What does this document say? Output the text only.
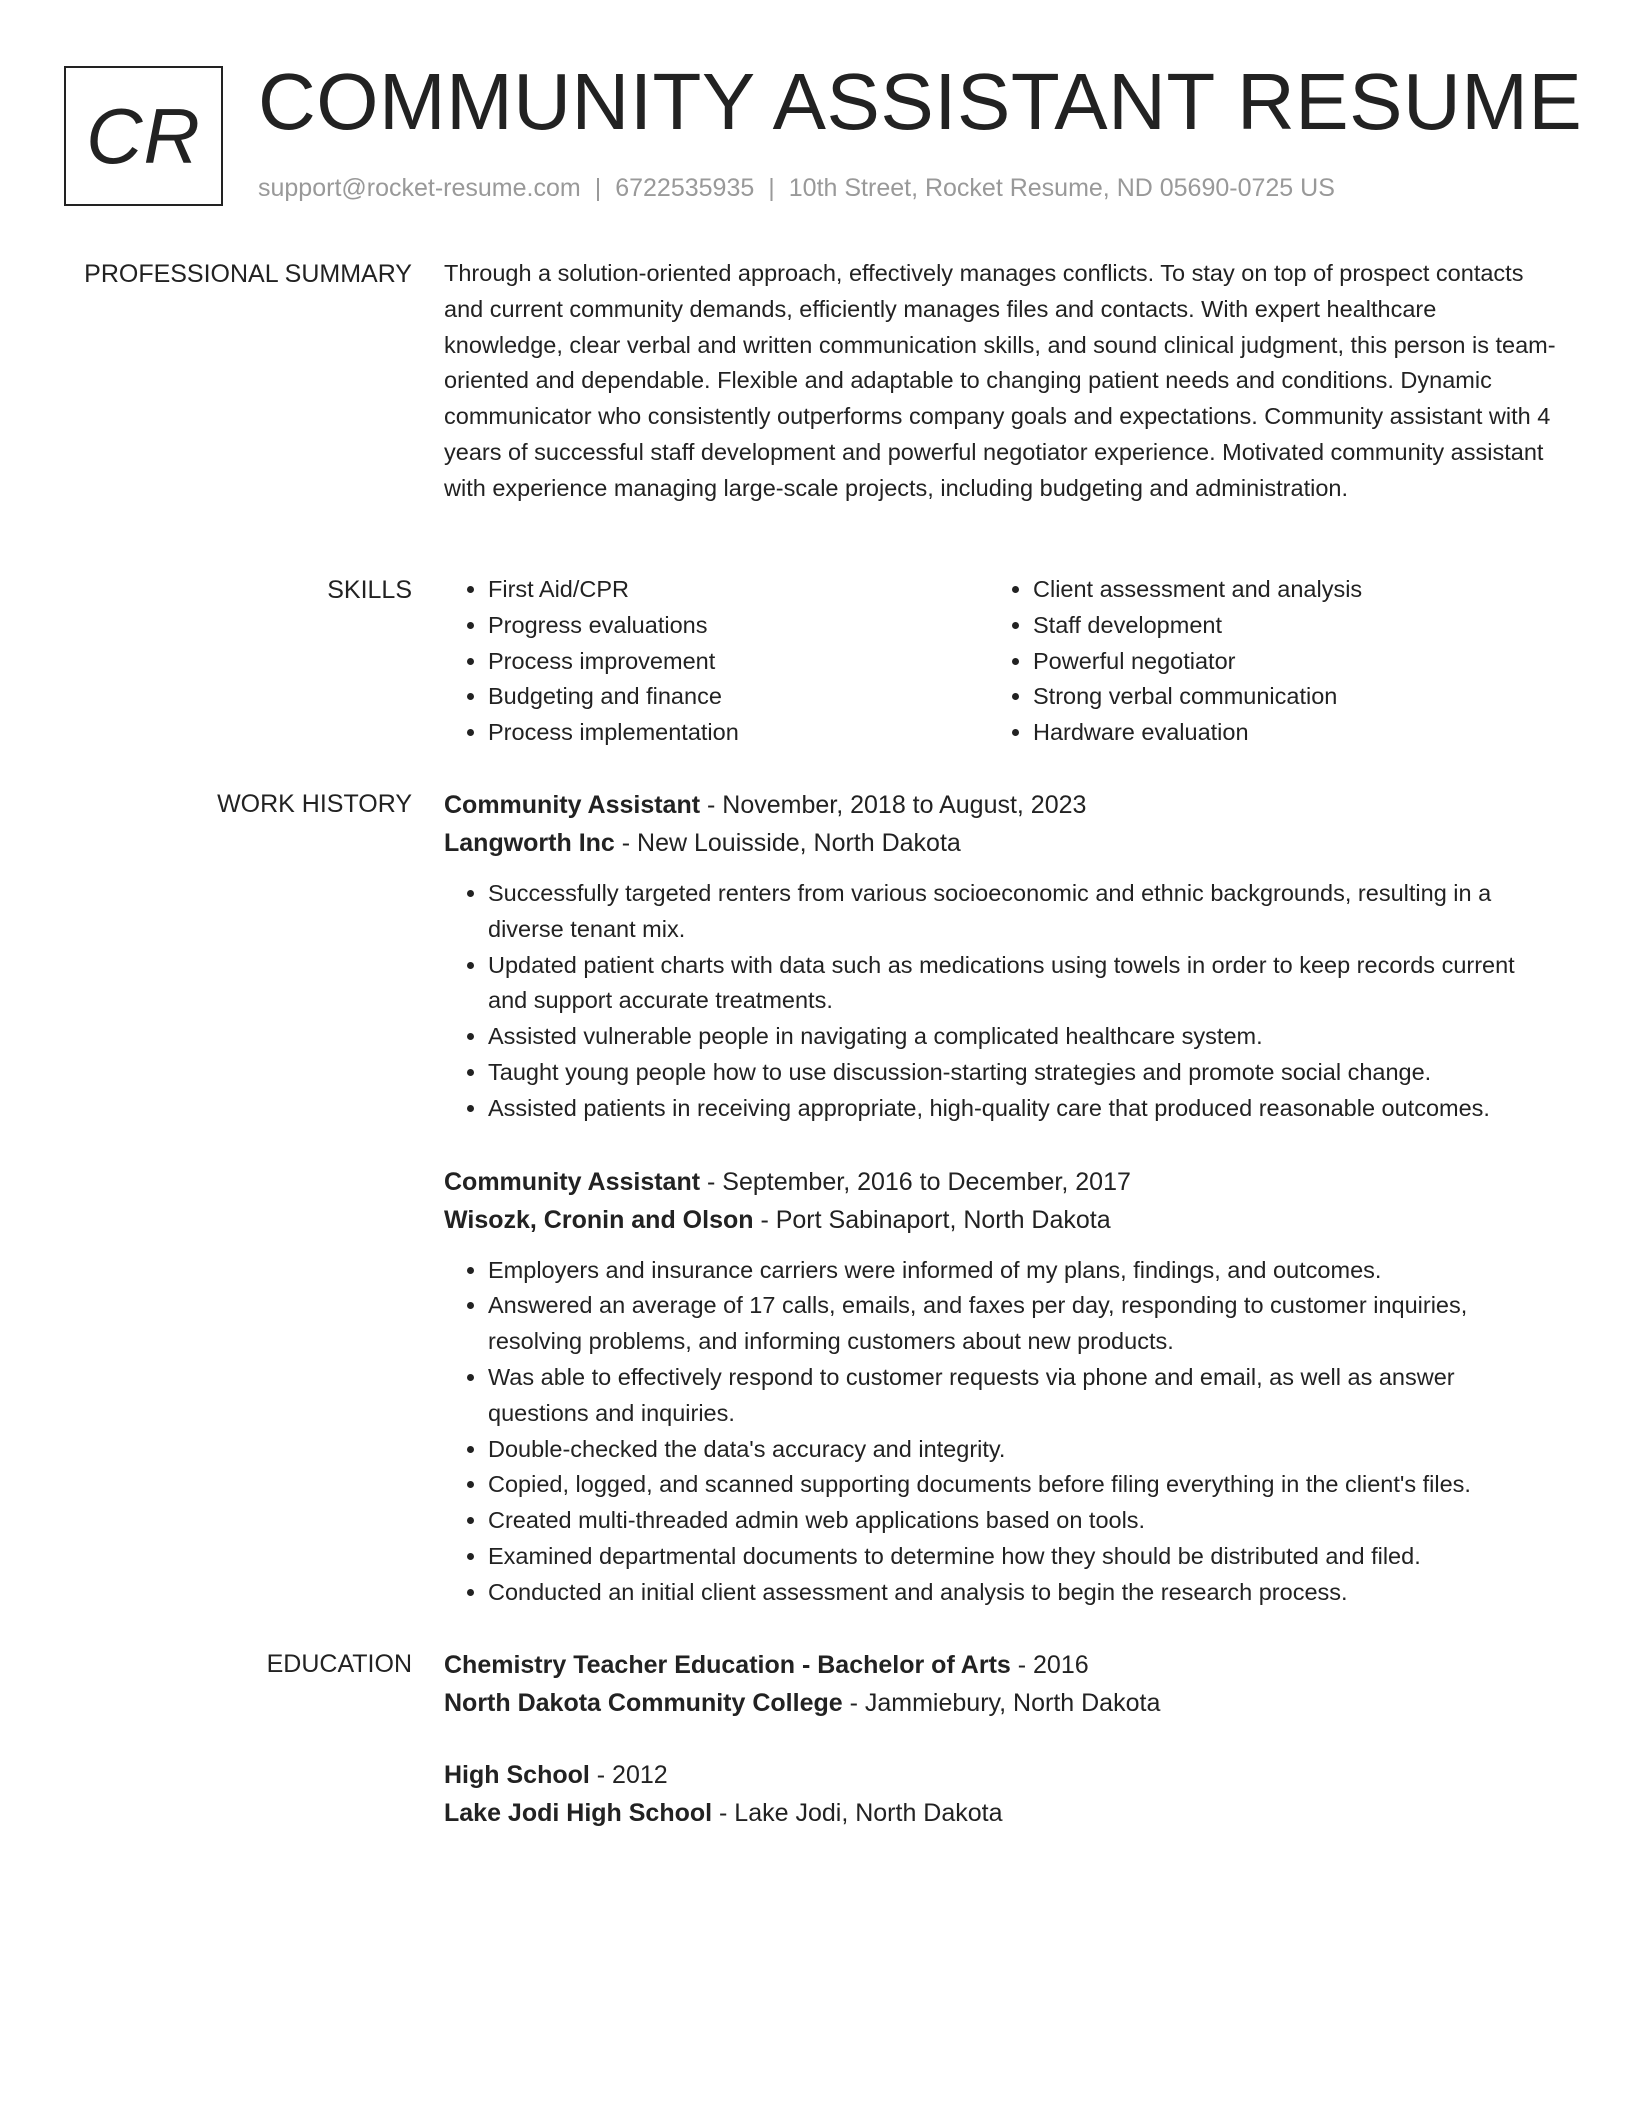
CR COMMUNITY ASSISTANT RESUME
support@rocket-resume.com | 6722535935 | 10th Street, Rocket Resume, ND 05690-0725 US
PROFESSIONAL SUMMARY Through a solution-oriented approach, effectively manages conflicts. To stay on top of prospect contacts and current community demands, efficiently manages files and contacts. With expert healthcare knowledge, clear verbal and written communication skills, and sound clinical judgment, this person is team-oriented and dependable. Flexible and adaptable to changing patient needs and conditions. Dynamic communicator who consistently outperforms company goals and expectations. Community assistant with 4 years of successful staff development and powerful negotiator experience. Motivated community assistant with experience managing large-scale projects, including budgeting and administration.

SKILLS
•	First Aid/CPR
• Progress evaluations
• Process improvement
• Budgeting and finance
• Process implementation
• Client assessment and analysis
• Staff development
• Powerful negotiator
• Strong verbal communication
• Hardware evaluation
WORK HISTORY Community Assistant - November, 2018 to August, 2023
Langworth Inc - New Louisside, North Dakota
• Successfully targeted renters from various socioeconomic and ethnic backgrounds, resulting in a diverse tenant mix.
• Updated patient charts with data such as medications using towels in order to keep records current and support accurate treatments.
• Assisted vulnerable people in navigating a complicated healthcare system.
• Taught young people how to use discussion-starting strategies and promote social change.
• Assisted patients in receiving appropriate, high-quality care that produced reasonable outcomes.
Community Assistant - September, 2016 to December, 2017
Wisozk, Cronin and Olson - Port Sabinaport, North Dakota
• Employers and insurance carriers were informed of my plans, findings, and outcomes.
• Answered an average of 17 calls, emails, and faxes per day, responding to customer inquiries, resolving problems, and informing customers about new products.
• Was able to effectively respond to customer requests via phone and email, as well as answer questions and inquiries.
• Double-checked the data's accuracy and integrity.
• Copied, logged, and scanned supporting documents before filing everything in the client's files.
• Created multi-threaded admin web applications based on tools.
• Examined departmental documents to determine how they should be distributed and filed.
• Conducted an initial client assessment and analysis to begin the research process.
EDUCATION Chemistry Teacher Education - Bachelor of Arts - 2016
North Dakota Community College - Jammiebury, North Dakota
High School - 2012
Lake Jodi High School - Lake Jodi, North Dakota
